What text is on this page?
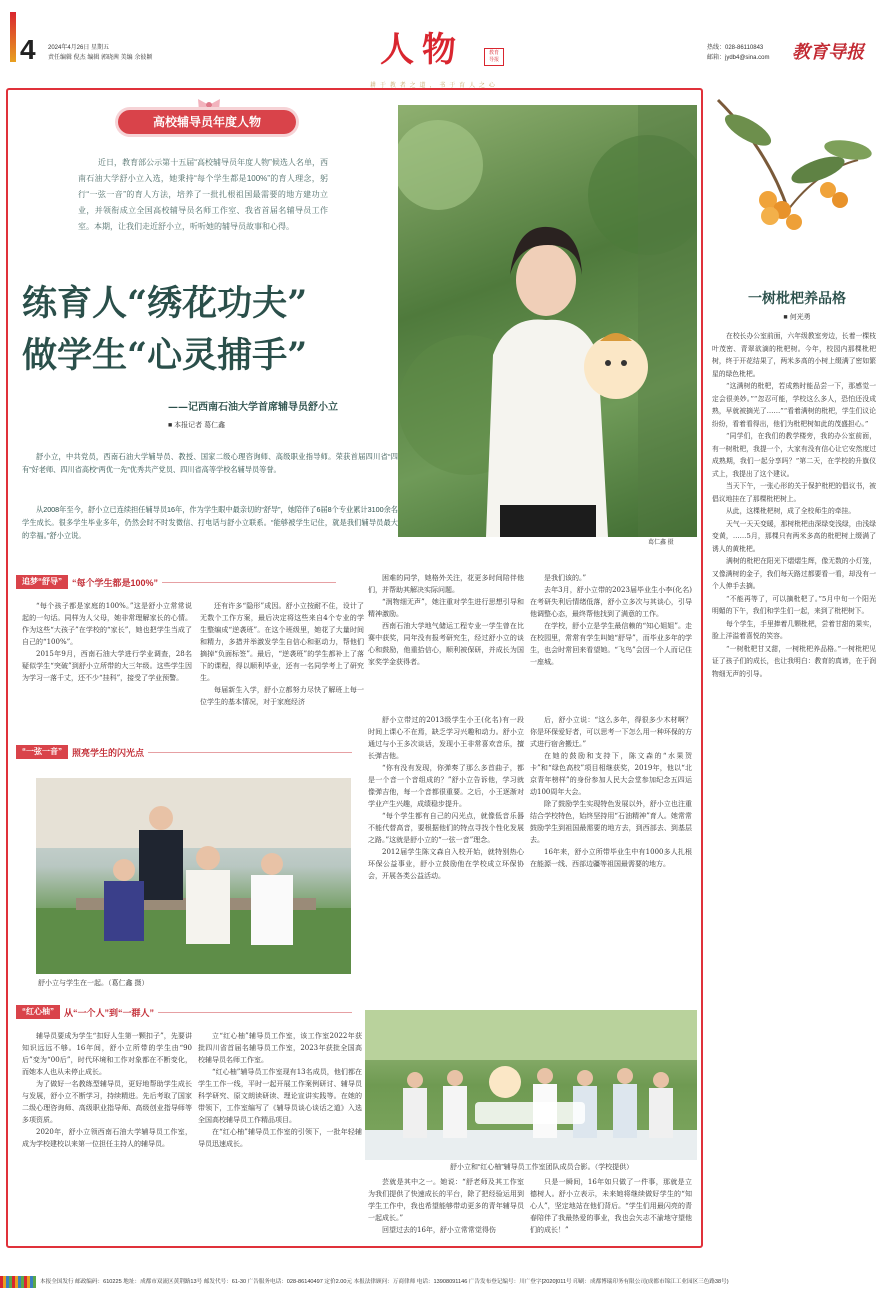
4 2024年4月26日 星期五
责任编辑 倪杰 编辑 郭晓茜 美编 余彼颖	人物	教育
导报
耕 于 教 者 之 道 ， 书 于 育 人 之 心
热线：028-86110843
邮箱：jydb4@sina.com 教育导报
高校辅导员年度人物
近日，教育部公示第十五届“高校辅导员年度人物”候选人名单，西南石油大学舒小立入选，她秉持“每个学生都是100%”的育人理念，躬行“一弦一音”的育人方法，培养了一批扎根祖国最需要的地方建功立业，并领衔成立全国高校辅导员名师工作室、我省首届名辅导员工作室。本期，让我们走近舒小立，听听她的辅导员故事和心得。
葛仁鑫 摄
练育人“绣花功夫”
做学生“心灵捕手”
——记西南石油大学首席辅导员舒小立
■ 本报记者 葛仁鑫
舒小立，中共党员，西南石油大学辅导员、教授、国家二级心理咨询师、高级职业指导师。荣获首届四川省“四有”好老师、四川省高校“两优一先”优秀共产党员、四川省高等学校名辅导员等誉。
从2008年至今，舒小立已连续担任辅导员16年，作为学生眼中最亲切的“舒导”，她陪伴了6届8个专业累计3100余名学生成长。很多学生毕业多年，仍然会时不时发微信、打电话与舒小立联系。“能够被学生记住，就是我们辅导员最大的幸福。”舒小立说。
追梦“舒导”	“每个学生都是100%”

“每个孩子都是家庭的100%。”这是舒小立常常说起的一句话。同样为人父母，她非常理解家长的心情。作为这些“大孩子”在学校的“家长”，她也把学生当成了自己的“100%”。

2015年9月，西南石油大学进行学业调查，28名疑似学生“突破”到舒小立所带的大三年级。这些学生因为学习一落千丈，还不少“挂科”，接受了学业预警。

还有许多“隐形”成因。舒小立按耐不住，设计了无数个工作方案，最后决定将这些来自4个专业的学生整编成“逆袭班”。在这个班级里，她花了大量时间和精力，多措并举激发学生自信心和驱动力，帮他们摘掉“负面标签”。最后，“逆袭班”的学生都补上了落下的课程，得以顺利毕业，还有一名同学考上了研究生。

每届新生入学，舒小立都努力尽快了解班上每一位学生的基本情况，对于家庭经济

困难的同学，她格外关注，花更多时间陪伴他们，并帮助其解决实际问题。

“润物细无声”，她注重对学生进行思想引导和精神激励。

西南石油大学地气储运工程专业一学生曾在比赛中获奖，同年没有报考研究生，经过舒小立的谈心和鼓励，他重拾信心，顺利被保研，并成长为国家奖学金获得者。

是我们该的。”

去年3月，舒小立带的2023届毕业生小李(化名)在考研失利后情绪低落，舒小立多次与其谈心，引导他调整心态，最终帮他找到了满意的工作。

在学校，舒小立是学生最信赖的“知心姐姐”。走在校园里，常常有学生叫她“舒导”，而毕业多年的学生，也会时常回来看望她。“飞鸟”会因一个人而记住一座城。

“一弦一音”	照亮学生的闪光点
舒小立与学生在一起。（葛仁鑫 摄）

舒小立带过的2013级学生小王(化名)有一段时间上课心不在焉，缺乏学习兴趣和动力。舒小立通过与小王多次谈话，发现小王非常喜欢音乐，擅长弹吉他。

“你有没有发现，你弹奏了那么多首曲子，都是一个音一个音组成的？”舒小立告诉他，学习就像弹吉他，每一个音都很重要。之后，小王逐渐对学业产生兴趣，成绩稳步提升。

“每个学生都有自己的闪光点，就像低音乐器不能代替高音，要根据他们的特点寻找个性化发展之路。”这就是舒小立的“一弦一音”理念。

2012届学生陈文森自入校开始，就特别热心环保公益事业，舒小立鼓励他在学校成立环保协会，开展各类公益活动。

后，舒小立说：“这么多年，得很多少木材啊？你是环保爱好者，可以思考一下怎么用一种环保的方式进行宿舍搬迁。”

在她的鼓励和支持下，陈文森的“水果贺卡”和“绿色高校”项目相继获奖，2019年，他以“北京青年榜样”的身份参加人民大会堂参加纪念五四运动100周年大会。

除了鼓励学生实现特色发展以外，舒小立也注重结合学校特色，始终坚持用“石油精神”育人。她常常鼓励学生到祖国最需要的地方去，到西部去、到基层去。

16年来，舒小立所带毕业生中有1000多人扎根在能源一线、西部边疆等祖国最需要的地方。

“红心柚”	从“一个人”到“一群人”

辅导员要成为学生“扣好人生第一颗扣子”，先要讲知识远远不够。16年间，舒小立所带的学生由“90后”变为“00后”，时代环境和工作对象都在不断变化，而她本人也从未停止成长。

为了做好一名教练型辅导员，更好地帮助学生成长与发展，舒小立不断学习，持续精进。先后考取了国家二级心理咨询师、高级职业指导师、高级创业指导师等多项资质。

2020年，舒小立领西南石油大学辅导员工作室，成为学校建校以来第一位担任主持人的辅导员。

立“红心柚”辅导员工作室，该工作室2022年获批四川省首届名辅导员工作室，2023年获批全国高校辅导员名师工作室。

“红心柚”辅导员工作室现有13名成员，他们都在学生工作一线，平时一起开展工作案例研讨、辅导员科学研究、原文朗读研读、理论宣讲实践等。在她的带领下，工作室编写了《辅导员谈心谈话之道》入选全国高校辅导员工作精品项目。

在“红心柚”辅导员工作室的引领下，一批年轻辅导员迅速成长。

舒小立和“红心柚”辅导员工作室团队成员合影。（学校提供）

芸就是其中之一。她说：“舒老师及其工作室为我们提供了快速成长的平台，除了把经验运用到学生工作中，我也希望能够带动更多的青年辅导员一起成长。”

回望过去的16年，舒小立常常觉得伤

只是一瞬间，16年如只做了一件事，那就是立德树人。舒小立表示，未来她将继续做好学生的“知心人”，坚定地站在他们背后。“学生们用最闪亮的青春陪伴了我最热爱的事业，我也会矢志不渝地守望他们的成长！”

一树枇杷养品格
■ 何光勇

在校长办公室前面，六年级教室旁边，长着一棵枝叶茂密、青翠欲滴的枇杷树。今年，校园内那棵枇杷树，终于开花结果了，两米多高的小树上缀满了密如繁星的绿色枇杷。

“这满树的枇杷，若成熟时能品尝一下，那感觉一定会很美妙。”“忽忍可能，学校这么多人，恐怕还没成熟，早就被摘光了……”“看着满树的枇杷，学生们议论纷纷，看着看得出，他们为枇杷树如此的茂盛担心。”

“同学们，在我们的教学楼旁，我的办公室前面，有一树枇杷，我提一个，大家有没有信心让它安然度过成熟期，我们一起分享吗？”第二天，在学校的升旗仪式上，我提出了这个建议。

当天下午，一张心形的关于保护枇杷的倡议书，被倡议地挂在了那棵枇杷树上。

从此，这棵枇杷树，成了全校师生的牵挂。

天气一天天变暖，那树枇杷由深绿变浅绿，由浅绿变黄，……5月，那棵只有两米多高的枇杷树上缀满了诱人的黄枇杷。

满树的枇杷在阳光下熠熠生辉，像无数的小灯笼，又像满树的金子，我们每天路过都要看一看，却没有一个人伸手去摘。

“不能再等了，可以摘枇杷了。”5月中旬一个阳光明媚的下午，我们和学生们一起，来到了枇杷树下。

每个学生，手里捧着几颗枇杷，尝着甘甜的果实，脸上洋溢着喜悦的笑容。

“一树枇杷甘又甜，一树枇杷养品格。”一树枇杷见证了孩子们的成长，也让我明白：教育的真谛，在于润物细无声的引导。

本报全国发行 邮政编码：610225 地址：成都市双流区黄荆路13号 邮发代号：61-30 广告服务电话：028-86140497 定价2.00元 本报法律顾问：万商律师 电话：13908091146 广告发布登记编号：川广登字[2020]011号 印刷：成都博瑞印务有限公司(成都市锦江工业园区三色路38号)
